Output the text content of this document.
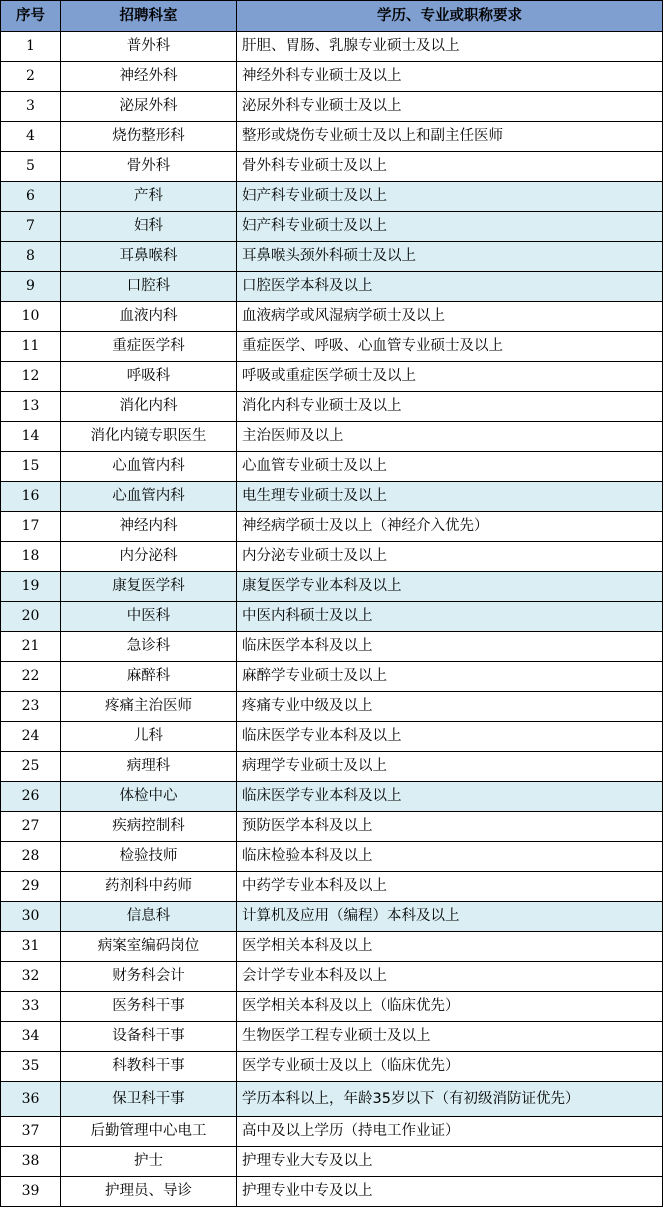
序号	招聘科室	学历、专业或职称要求
1	普外科	肝胆、胃肠、乳腺专业硕士及以上
2	神经外科	神经外科专业硕士及以上
3	泌尿外科	泌尿外科专业硕士及以上
4	烧伤整形科	整形或烧伤专业硕士及以上和副主任医师
5	骨外科	骨外科专业硕士及以上
6	产科	妇产科专业硕士及以上
7	妇科	妇产科专业硕士及以上
8	耳鼻喉科	耳鼻喉头颈外科硕士及以上
9	口腔科	口腔医学本科及以上
10	血液内科	血液病学或风湿病学硕士及以上
11	重症医学科	重症医学、呼吸、心血管专业硕士及以上
12	呼吸科	呼吸或重症医学硕士及以上
13	消化内科	消化内科专业硕士及以上
14	消化内镜专职医生	主治医师及以上
15	心血管内科	心血管专业硕士及以上
16	心血管内科	电生理专业硕士及以上
17	神经内科	神经病学硕士及以上（神经介入优先）
18	内分泌科	内分泌专业硕士及以上
19	康复医学科	康复医学专业本科及以上
20	中医科	中医内科硕士及以上
21	急诊科	临床医学本科及以上
22	麻醉科	麻醉学专业硕士及以上
23	疼痛主治医师	疼痛专业中级及以上
24	儿科	临床医学专业本科及以上
25	病理科	病理学专业硕士及以上
26	体检中心	临床医学专业本科及以上
27	疾病控制科	预防医学本科及以上
28	检验技师	临床检验本科及以上
29	药剂科中药师	中药学专业本科及以上
30	信息科	计算机及应用（编程）本科及以上
31	病案室编码岗位	医学相关本科及以上
32	财务科会计	会计学专业本科及以上
33	医务科干事	医学相关本科及以上（临床优先）
34	设备科干事	生物医学工程专业硕士及以上
35	科教科干事	医学专业硕士及以上（临床优先）
36	保卫科干事	学历本科以上，年龄35岁以下（有初级消防证优先）
37	后勤管理中心电工	高中及以上学历（持电工作业证）
38	护士	护理专业大专及以上
39	护理员、导诊	护理专业中专及以上
